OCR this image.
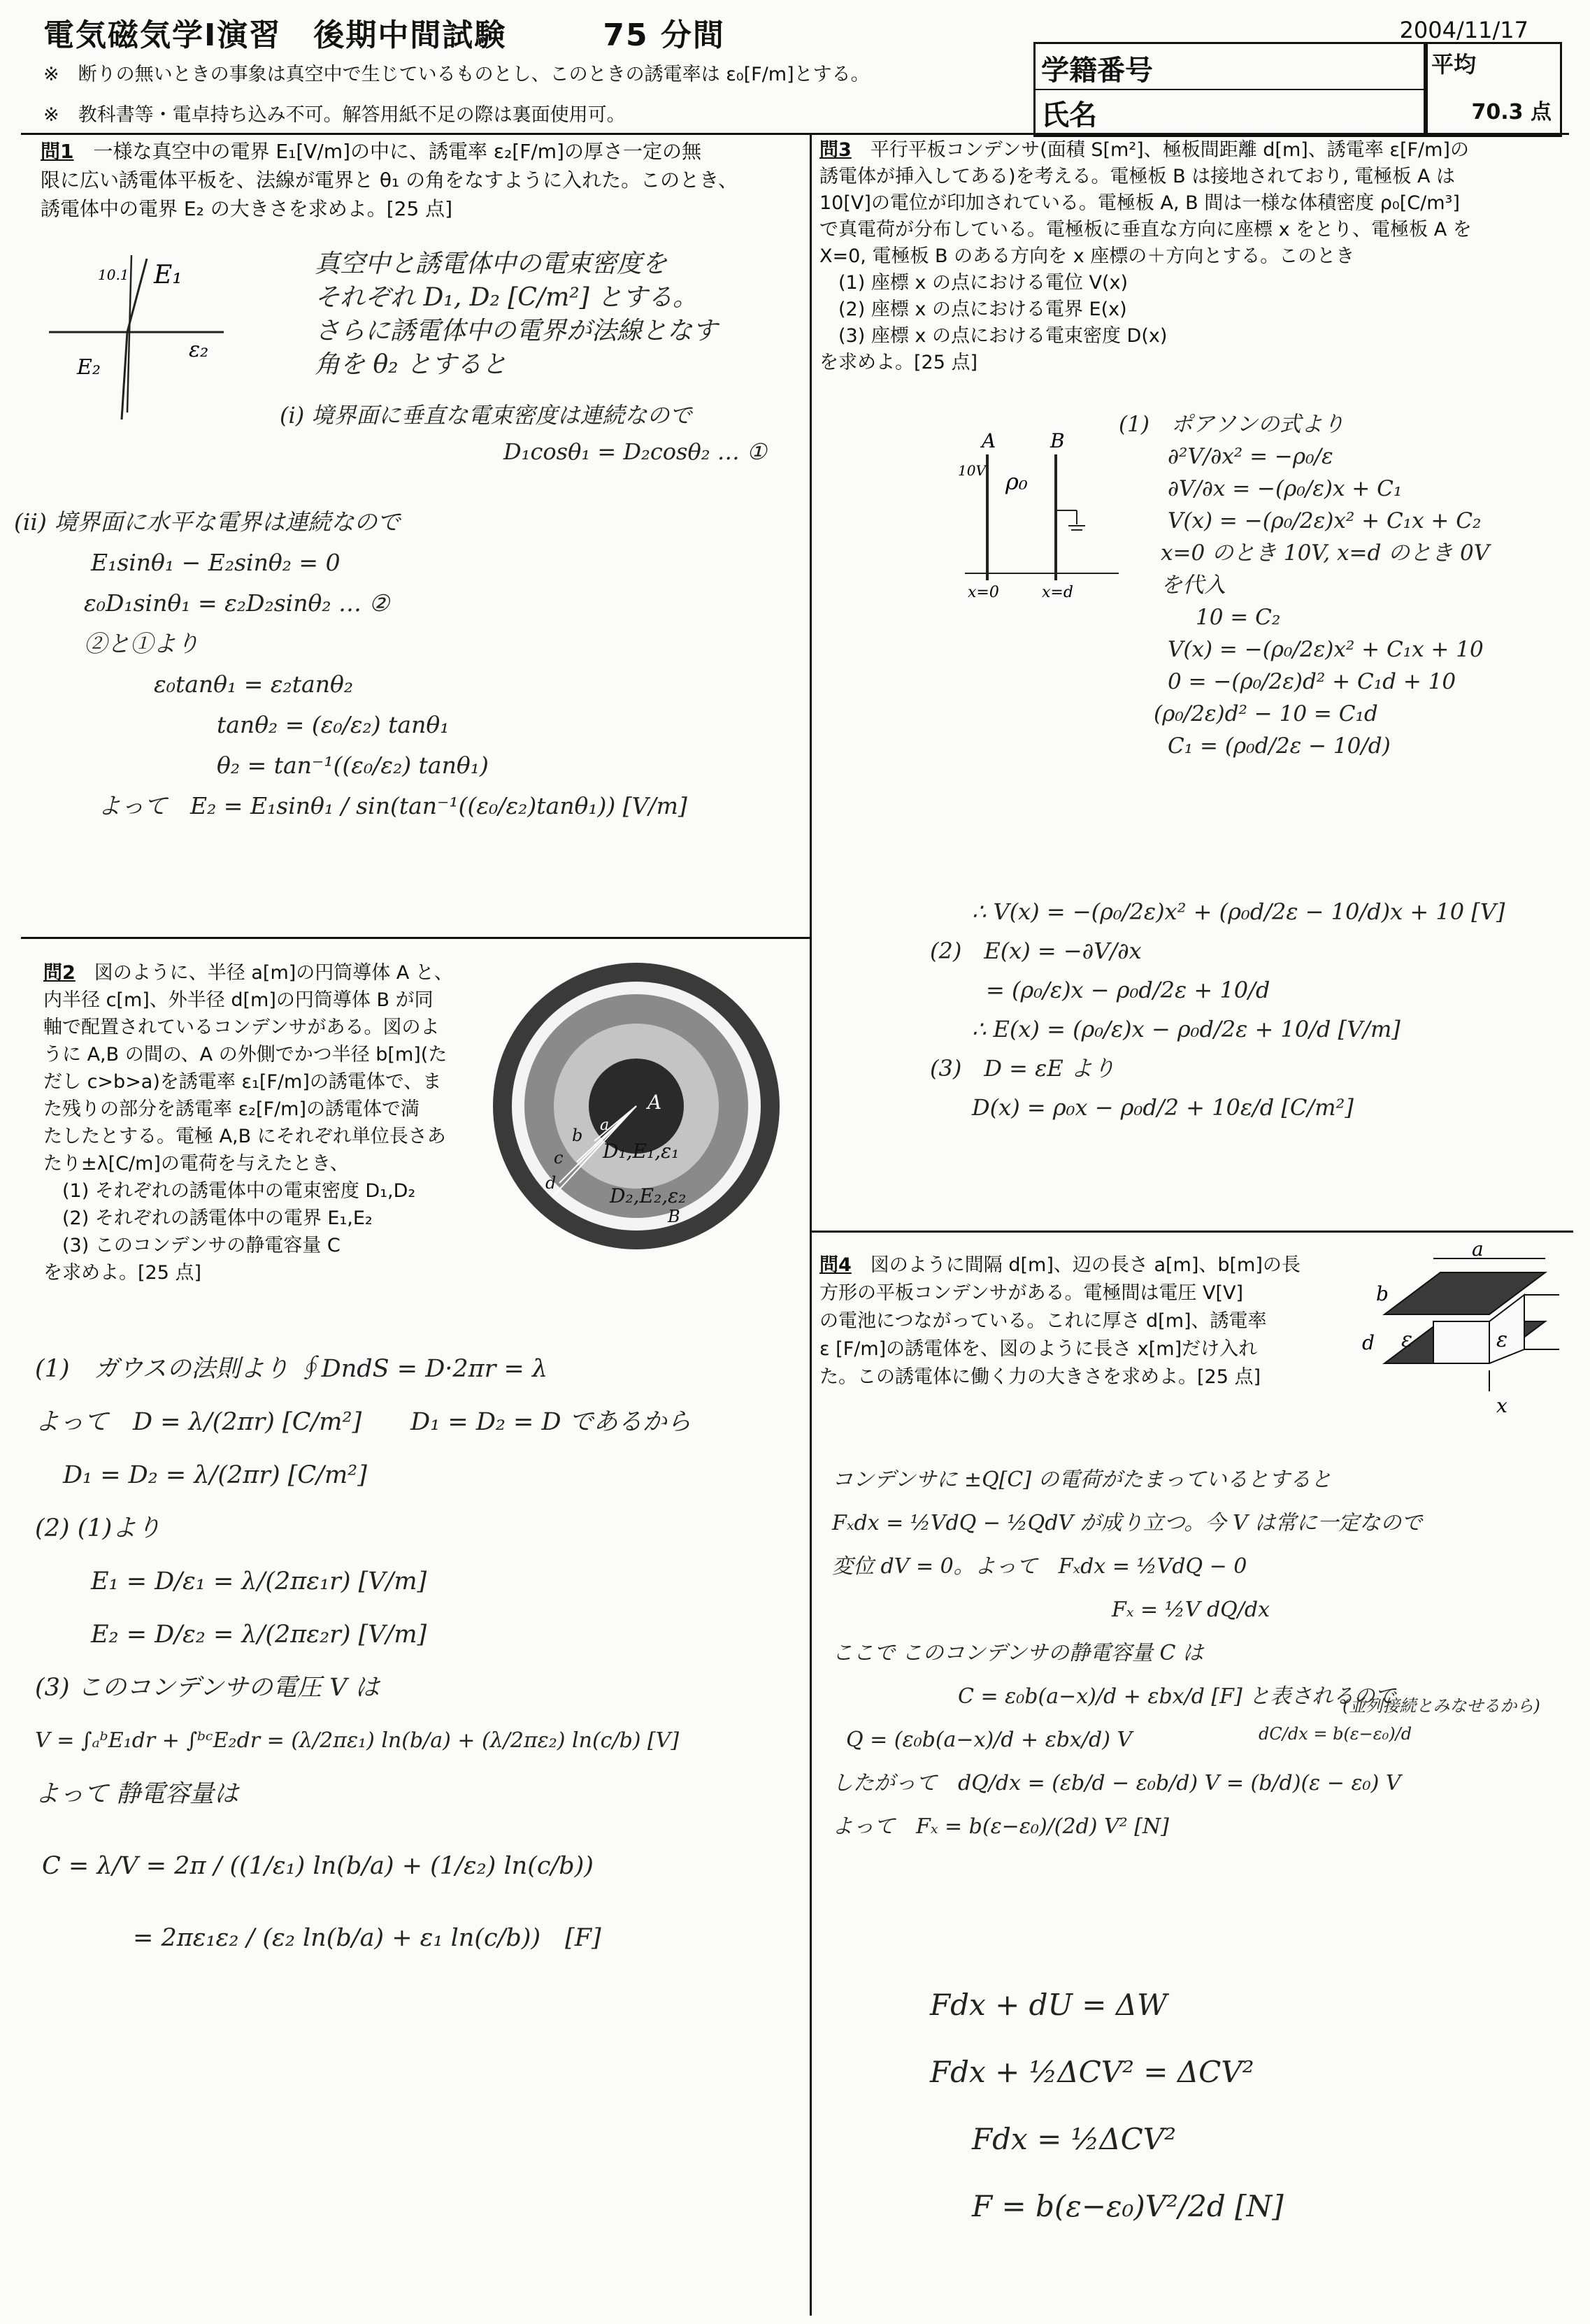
電気磁気学Ⅰ演習　後期中間試験　　　75 分間	2004/11/17
※　断りの無いときの事象は真空中で生じているものとし、このときの誘電率は ε₀[F/m]とする。
※　教科書等・電卓持ち込み不可。解答用紙不足の際は裏面使用可。
学籍番号
氏名
平均
70.3 点
問1　 一様な真空中の電界 E₁[V/m]の中に、誘電率 ε₂[F/m]の厚さ一定の無
限に広い誘電体平板を、法線が電界と θ₁ の角をなすように入れた。このとき、
誘電体中の電界 E₂ の大きさを求めよ。[25 点]
E₁
10.1
ε₂
E₂
真空中と誘電体中の電束密度を
それぞれ D₁, D₂ [C/m²] とする。
さらに誘電体中の電界が法線となす
角を θ₂ とすると
(i) 境界面に垂直な電束密度は連続なので
D₁cosθ₁ = D₂cosθ₂ … ①
(ii) 境界面に水平な電界は連続なので
E₁sinθ₁ − E₂sinθ₂ = 0
ε₀D₁sinθ₁ = ε₂D₂sinθ₂ … ②
②と①より
ε₀tanθ₁ = ε₂tanθ₂
tanθ₂ = (ε₀/ε₂) tanθ₁
θ₂ = tan⁻¹((ε₀/ε₂) tanθ₁)
よって　E₂ = E₁sinθ₁ / sin(tan⁻¹((ε₀/ε₂)tanθ₁)) [V/m]
問2　 図のように、半径 a[m]の円筒導体 A と、
内半径 c[m]、外半径 d[m]の円筒導体 B が同
軸で配置されているコンデンサがある。図のよ
うに A,B の間の、A の外側でかつ半径 b[m](た
だし c>b>a)を誘電率 ε₁[F/m]の誘電体で、ま
た残りの部分を誘電率 ε₂[F/m]の誘電体で満
たしたとする。電極 A,B にそれぞれ単位長さあ
たり±λ[C/m]の電荷を与えたとき、
　(1) それぞれの誘電体中の電束密度 D₁,D₂
　(2) それぞれの誘電体中の電界 E₁,E₂
　(3) このコンデンサの静電容量 C
を求めよ。[25 点]
A
a
b
c
d
D₁,E₁,ε₁
D₂,E₂,ε₂
B
(1)　ガウスの法則より ∮DndS = D·2πr = λ
よって　D = λ/(2πr) [C/m²]　　D₁ = D₂ = D であるから
D₁ = D₂ = λ/(2πr) [C/m²]
(2) (1)より
E₁ = D/ε₁ = λ/(2πε₁r) [V/m]
E₂ = D/ε₂ = λ/(2πε₂r) [V/m]
(3) このコンデンサの電圧 V は
V = ∫ₐᵇE₁dr + ∫ᵇᶜE₂dr = (λ/2πε₁) ln(b/a) + (λ/2πε₂) ln(c/b) [V]
よって 静電容量は
C = λ/V = 2π / ((1/ε₁) ln(b/a) + (1/ε₂) ln(c/b))
= 2πε₁ε₂ / (ε₂ ln(b/a) + ε₁ ln(c/b))　[F]
問3　 平行平板コンデンサ(面積 S[m²]、極板間距離 d[m]、誘電率 ε[F/m]の
誘電体が挿入してある)を考える。電極板 B は接地されており, 電極板 A は
10[V]の電位が印加されている。電極板 A, B 間は一様な体積密度 ρ₀[C/m³]
で真電荷が分布している。電極板に垂直な方向に座標 x をとり、電極板 A を
X=0, 電極板 B のある方向を x 座標の＋方向とする。このとき
　(1) 座標 x の点における電位 V(x)
　(2) 座標 x の点における電界 E(x)
　(3) 座標 x の点における電束密度 D(x)
を求めよ。[25 点]
A	B
10V ρ₀
x=0	x=d
(1)　ポアソンの式より
∂²V/∂x² = −ρ₀/ε
∂V/∂x = −(ρ₀/ε)x + C₁
V(x) = −(ρ₀/2ε)x² + C₁x + C₂
x=0 のとき 10V, x=d のとき 0V
を代入
10 = C₂
V(x) = −(ρ₀/2ε)x² + C₁x + 10
0 = −(ρ₀/2ε)d² + C₁d + 10
(ρ₀/2ε)d² − 10 = C₁d
C₁ = (ρ₀d/2ε − 10/d)
∴ V(x) = −(ρ₀/2ε)x² + (ρ₀d/2ε − 10/d)x + 10 [V]
(2)　E(x) = −∂V/∂x
= (ρ₀/ε)x − ρ₀d/2ε + 10/d
∴ E(x) = (ρ₀/ε)x − ρ₀d/2ε + 10/d [V/m]
(3)　D = εE より
D(x) = ρ₀x − ρ₀d/2 + 10ε/d [C/m²]
問4　 図のように間隔 d[m]、辺の長さ a[m]、b[m]の長
方形の平板コンデンサがある。電極間は電圧 V[V]
の電池につながっている。これに厚さ d[m]、誘電率
ε [F/m]の誘電体を、図のように長さ x[m]だけ入れ
た。この誘電体に働く力の大きさを求めよ。[25 点]
a
b
d ε	ε
x
コンデンサに ±Q[C] の電荷がたまっているとすると
Fₓdx = ½VdQ − ½QdV が成り立つ。今 V は常に一定なので
変位 dV = 0。よって　Fₓdx = ½VdQ − 0
Fₓ = ½V dQ/dx
ここで このコンデンサの静電容量 C は
C = ε₀b(a−x)/d + εbx/d [F] と表されるので
Q = (ε₀b(a−x)/d + εbx/d) V
したがって　dQ/dx = (εb/d − ε₀b/d) V = (b/d)(ε − ε₀) V
よって　Fₓ = b(ε−ε₀)/(2d) V² [N]
(並列接続とみなせるから)
dC/dx = b(ε−ε₀)/d
Fdx + dU = ΔW
Fdx + ½ΔCV² = ΔCV²
Fdx = ½ΔCV²
F = b(ε−ε₀)V²/2d [N]
